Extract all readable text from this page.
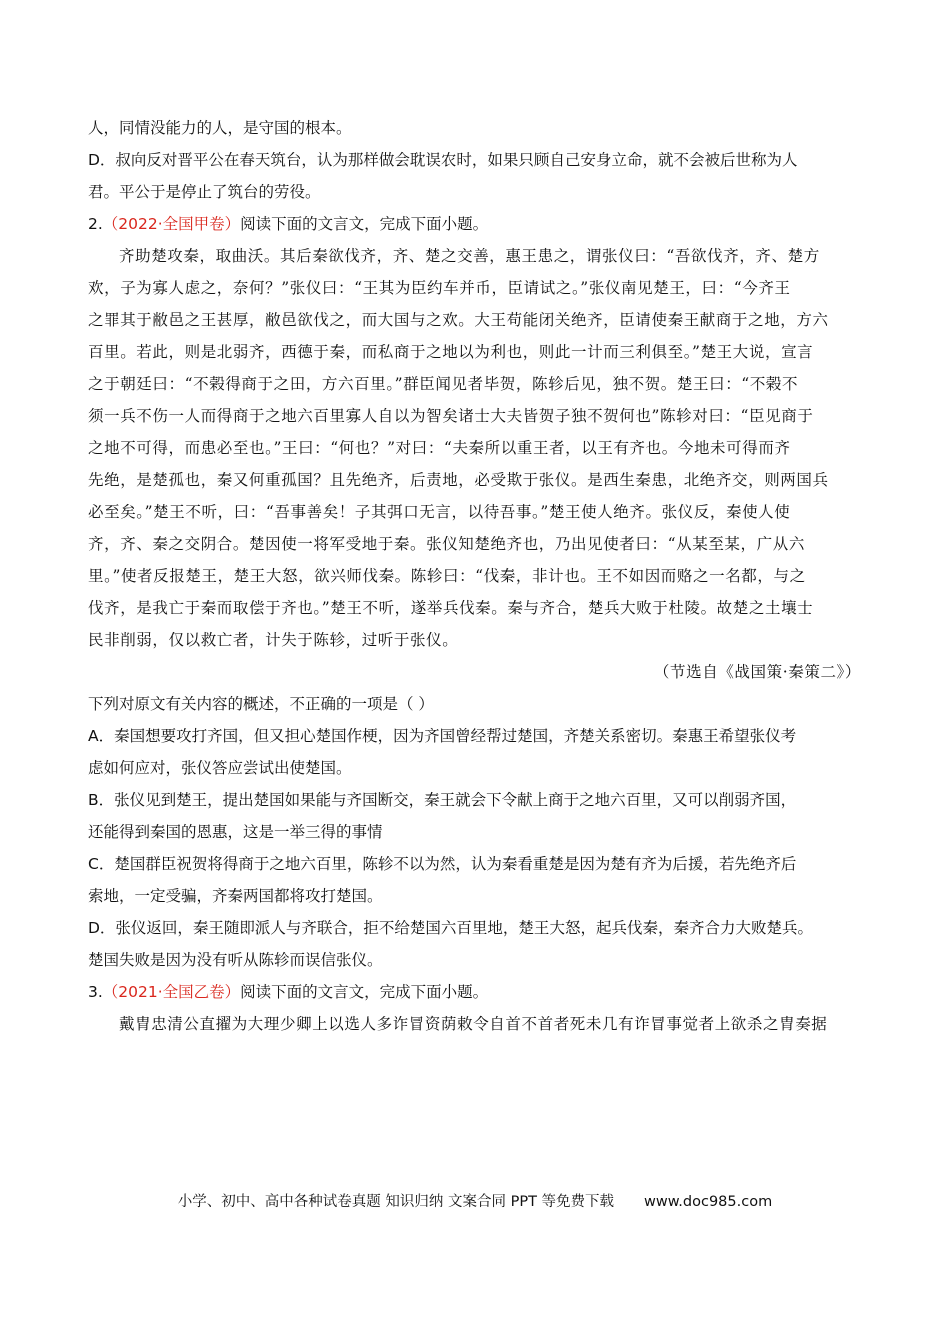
人，同情没能力的人，是守国的根本。
D．叔向反对晋平公在春天筑台，认为那样做会耽误农时，如果只顾自己安身立命，就不会被后世称为人
君。平公于是停止了筑台的劳役。
2.（2022·全国甲卷）阅读下面的文言文，完成下面小题。
齐助楚攻秦，取曲沃。其后秦欲伐齐，齐、楚之交善，惠王患之，谓张仪曰：“吾欲伐齐，齐、楚方
欢，子为寡人虑之，奈何？”张仪曰：“王其为臣约车并币，臣请试之。”张仪南见楚王，曰：“今齐王
之罪其于敝邑之王甚厚，敝邑欲伐之，而大国与之欢。大王苟能闭关绝齐，臣请使秦王献商于之地，方六
百里。若此，则是北弱齐，西德于秦，而私商于之地以为利也，则此一计而三利俱至。”楚王大说，宣言
之于朝廷曰：“不榖得商于之田，方六百里。”群臣闻见者毕贺，陈轸后见，独不贺。楚王曰：“不榖不
须一兵不伤一人而得商于之地六百里寡人自以为智矣诸士大夫皆贺子独不贺何也”陈轸对曰：“臣见商于
之地不可得，而患必至也。”王曰：“何也？”对曰：“夫秦所以重王者，以王有齐也。今地未可得而齐
先绝，是楚孤也，秦又何重孤国？且先绝齐，后责地，必受欺于张仪。是西生秦患，北绝齐交，则两国兵
必至矣。”楚王不听，曰：“吾事善矣！子其弭口无言，以待吾事。”楚王使人绝齐。张仪反，秦使人使
齐，齐、秦之交阴合。楚因使一将军受地于秦。张仪知楚绝齐也，乃出见使者曰：“从某至某，广从六
里。”使者反报楚王，楚王大怒，欲兴师伐秦。陈轸曰：“伐秦，非计也。王不如因而赂之一名都，与之
伐齐，是我亡于秦而取偿于齐也。”楚王不听，遂举兵伐秦。秦与齐合，楚兵大败于杜陵。故楚之土壤士
民非削弱，仅以救亡者，计失于陈轸，过听于张仪。
（节选自《战国策·秦策二》）
下列对原文有关内容的概述，不正确的一项是（ ）
A．秦国想要攻打齐国，但又担心楚国作梗，因为齐国曾经帮过楚国，齐楚关系密切。秦惠王希望张仪考
虑如何应对，张仪答应尝试出使楚国。
B．张仪见到楚王，提出楚国如果能与齐国断交，秦王就会下令献上商于之地六百里，又可以削弱齐国，
还能得到秦国的恩惠，这是一举三得的事情
C．楚国群臣祝贺将得商于之地六百里，陈轸不以为然，认为秦看重楚是因为楚有齐为后援，若先绝齐后
索地，一定受骗，齐秦两国都将攻打楚国。
D．张仪返回，秦王随即派人与齐联合，拒不给楚国六百里地，楚王大怒，起兵伐秦，秦齐合力大败楚兵。
楚国失败是因为没有听从陈轸而误信张仪。
3.（2021·全国乙卷）阅读下面的文言文，完成下面小题。
戴胄忠清公直擢为大理少卿上以选人多诈冒资荫敕令自首不首者死未几有诈冒事觉者上欲杀之胄奏据
小学、初中、高中各种试卷真题 知识归纳 文案合同 PPT 等免费下载 www.doc985.com
